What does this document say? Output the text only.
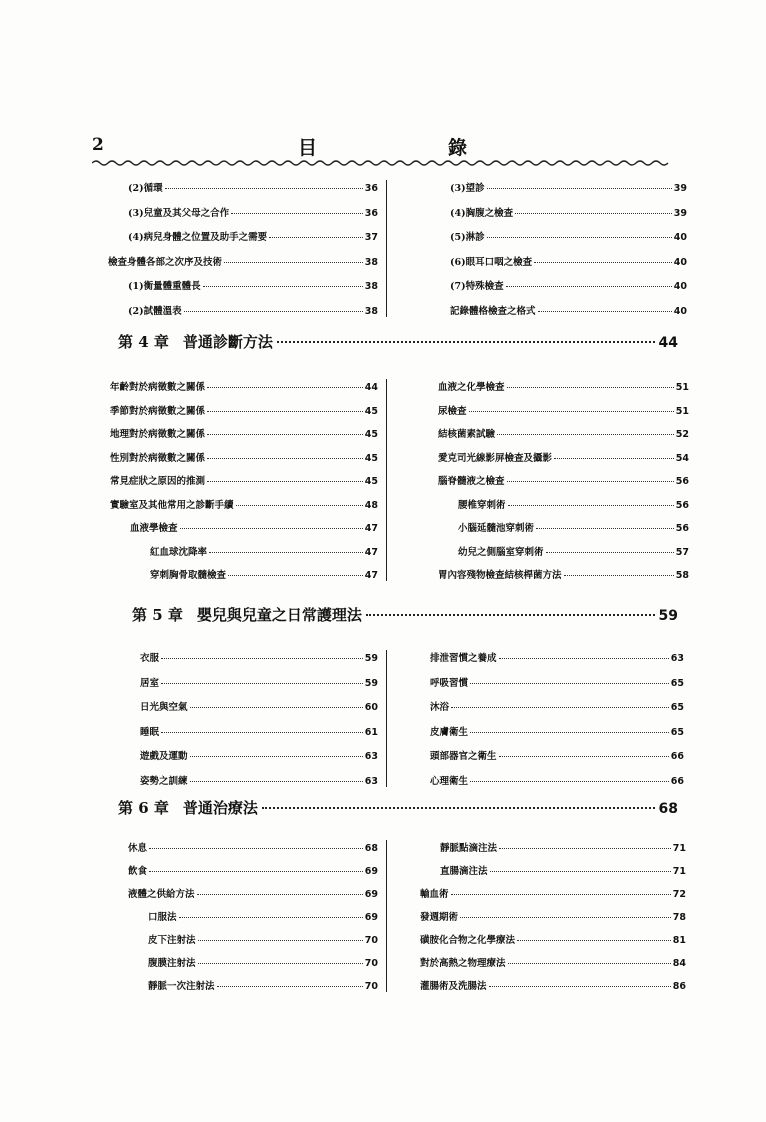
2	目	錄
(2)循環	36
(3)兒童及其父母之合作	36
(4)病兒身體之位置及助手之需要	37
檢查身體各部之次序及技術	38
(1)衡量體重體長	38
(2)試體溫表	38
(3)望診	39
(4)胸腹之檢查	39
(5)淋診	40
(6)眼耳口咽之檢查	40
(7)特殊檢查	40
記錄體格檢查之格式	40
第 4 章 普通診斷方法	44
年齡對於病徵數之關係	44
季節對於病徵數之關係	45
地理對於病徵數之關係	45
性別對於病徵數之關係	45
常見症狀之原因的推測	45
實驗室及其他常用之診斷手續	48
血液學檢查	47
紅血球沈降率	47
穿刺胸骨取髓檢查	47
血液之化學檢查	51
尿檢查	51
結核菌素試驗	52
愛克司光線影屏檢查及攝影	54
腦脊髓液之檢查	56
腰椎穿刺術	56
小腦延髓池穿刺術	56
幼兒之側腦室穿刺術	57
胃內容殘物檢查結核桿菌方法	58
第 5 章 嬰兒與兒童之日常護理法	59
衣服	59
居室	59
日光與空氣	60
睡眠	61
遊戲及運動	63
姿勢之訓練	63
排泄習慣之養成	63
呼吸習慣	65
沐浴	65
皮膚衛生	65
頭部器官之衛生	66
心理衛生	66
第 6 章 普通治療法	68
休息	68
飲食	69
液體之供給方法	69
口服法	69
皮下注射法	70
腹膜注射法	70
靜脈一次注射法	70
靜脈點滴注法	71
直腸滴注法	71
輸血術	72
發週期術	78
磺胺化合物之化學療法	81
對於高熱之物理療法	84
灌腸術及洗腸法	86
